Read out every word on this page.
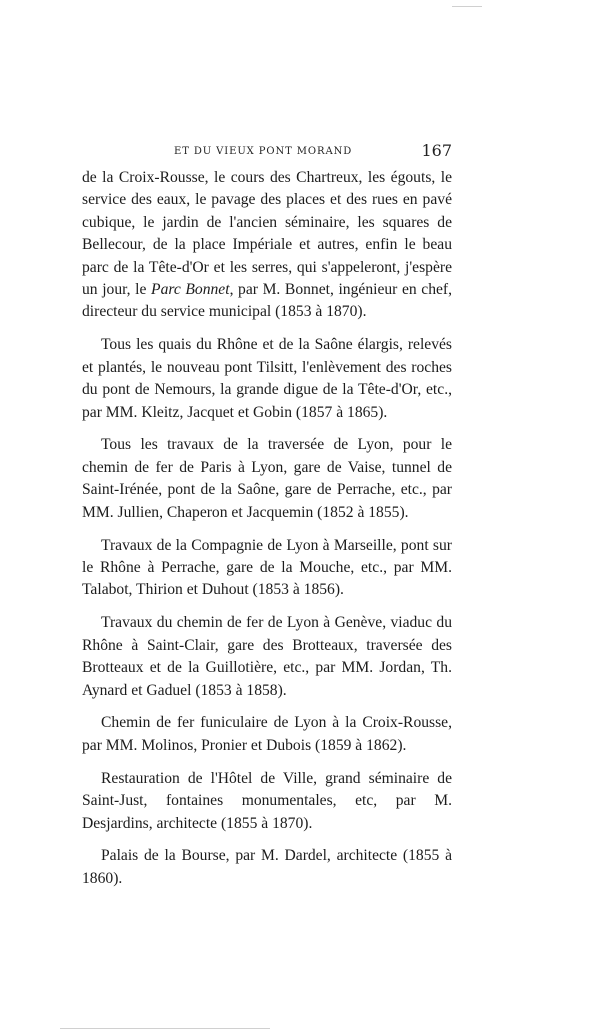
ET DU VIEUX PONT MORAND	167

de la Croix-Rousse, le cours des Chartreux, les égouts, le service des eaux, le pavage des places et des rues en pavé cubique, le jardin de l'ancien séminaire, les squares de Bellecour, de la place Impériale et autres, enfin le beau parc de la Tête-d'Or et les serres, qui s'appeleront, j'espère un jour, le Parc Bonnet, par M. Bonnet, ingénieur en chef, directeur du service municipal (1853 à 1870).

Tous les quais du Rhône et de la Saône élargis, relevés et plantés, le nouveau pont Tilsitt, l'enlèvement des roches du pont de Nemours, la grande digue de la Tête-d'Or, etc., par MM. Kleitz, Jacquet et Gobin (1857 à 1865).

Tous les travaux de la traversée de Lyon, pour le chemin de fer de Paris à Lyon, gare de Vaise, tunnel de Saint-Irénée, pont de la Saône, gare de Perrache, etc., par MM. Jullien, Chaperon et Jacquemin (1852 à 1855).

Travaux de la Compagnie de Lyon à Marseille, pont sur le Rhône à Perrache, gare de la Mouche, etc., par MM. Talabot, Thirion et Duhout (1853 à 1856).

Travaux du chemin de fer de Lyon à Genève, viaduc du Rhône à Saint-Clair, gare des Brotteaux, traversée des Brotteaux et de la Guillotière, etc., par MM. Jordan, Th. Aynard et Gaduel (1853 à 1858).

Chemin de fer funiculaire de Lyon à la Croix-Rousse, par MM. Molinos, Pronier et Dubois (1859 à 1862).

Restauration de l'Hôtel de Ville, grand séminaire de Saint-Just, fontaines monumentales, etc, par M. Desjardins, architecte (1855 à 1870).

Palais de la Bourse, par M. Dardel, architecte (1855 à 1860).
